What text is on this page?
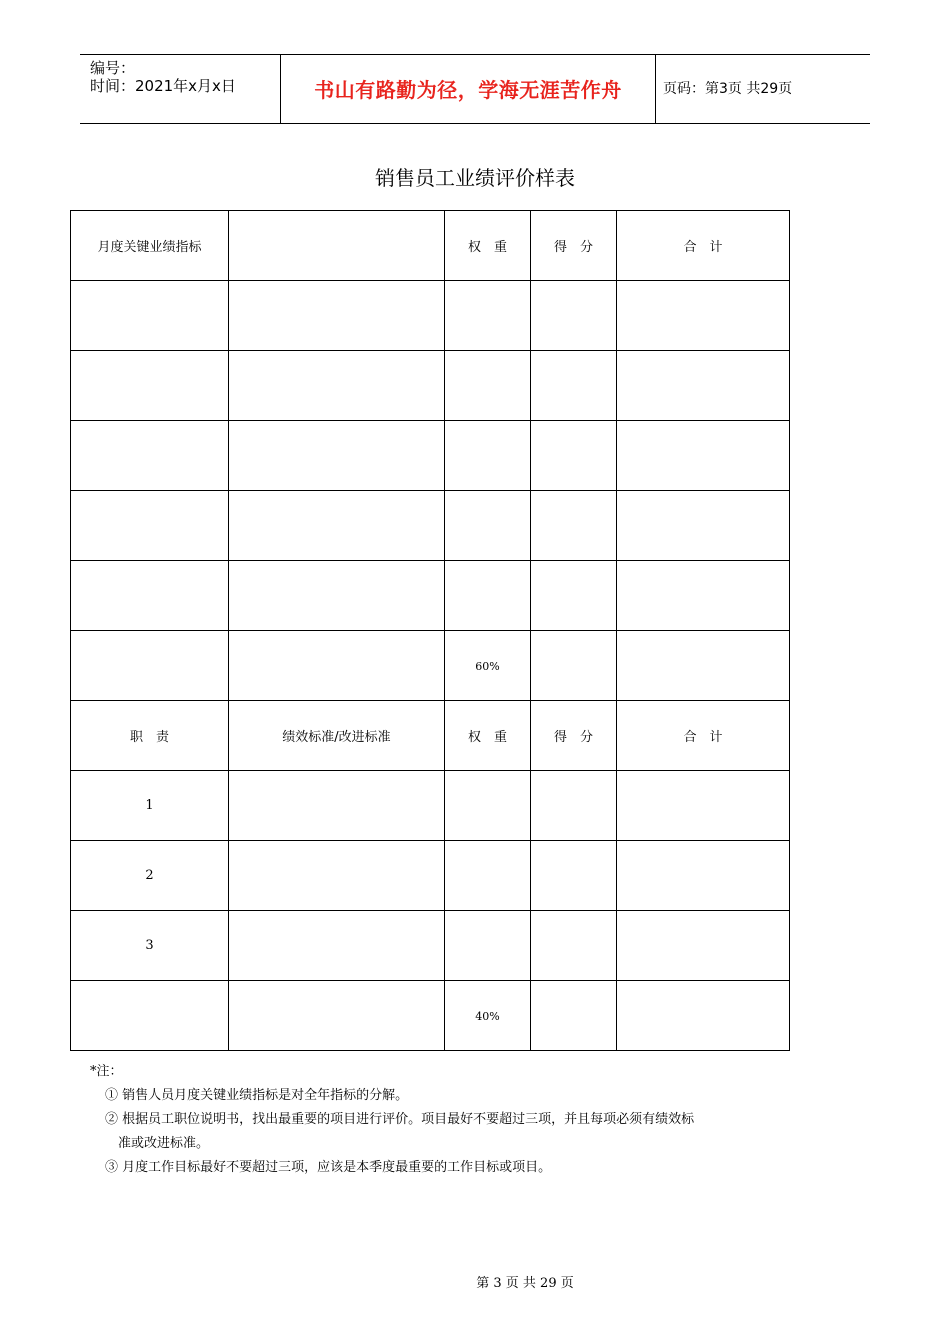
编号：
时间：2021年x月x日	书山有路勤为径，学海无涯苦作舟	页码：第3页 共29页
销售员工业绩评价样表
月度关键业绩指标		权　重	得　分	合　计

		60%		
职　责	绩效标准/改进标准	权　重	得　分	合　计
1				
2				
3				
		40%		
*注：
① 销售人员月度关键业绩指标是对全年指标的分解。
② 根据员工职位说明书，找出最重要的项目进行评价。项目最好不要超过三项，并且每项必须有绩效标
准或改进标准。
③ 月度工作目标最好不要超过三项，应该是本季度最重要的工作目标或项目。
第 3 页 共 29 页
